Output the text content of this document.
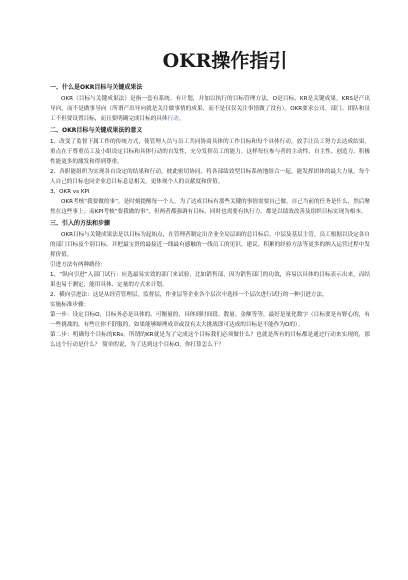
OKR操作指引
一、什么是OKR目标与关键成果法

OKR（目标与关键成果法）是指一套有系统、有计划，并加以执行的目标管理方法，O是目标，KR是关键成果，KRS是产出导向，而不是做事导向（所谓产出导向就是关注做事情的成果，而不是仅仅关注事情做了没有）。OKR要求公司、部门、团队和员工不但要设置目标，而且要明确完成目标的具体行动。

二、OKR目标与关键成果法的意义

1、改变了监督下属工作的传统方式，使管理人员与员工共同协商具体的工作目标和每个具体行动，放手让员工努力去达成结果，重点在于尊重员工及小组设定目标和具体行动的自发性，充分发挥员工的能力。这样每位参与者的主动性、自主性、创造力、积极性能更多的激发和得到尊重。

2、各职能组织为实现各自设定的结果和行动，彼此密切协同，将各部绩效型目标系统地组合一起，能发挥团体的最大力量。每个人自己的目标也同企业总目标息息相关，更体现个人的贡献度和价值。

3、OKR vs KPI

OKR考核“我要做的事”，是时刻提醒每一个人，为了达成目标有那些关键的事情需要自己做，自己当前的任务是什么，然后聚焦在这些事上；而KPI考核“要我做的事”，但两者都强调有目标，同时也需要有执行力，都是以绩效改善及组织目标实现为根本。

三、引入的方法和步骤

OKR目标与关键成果法是以目标为起始点，在管理者制定出企业全局层面的总目标后，中层及基层主管，员工根据以设定各自的部门目标及个别目标，并把最宝贵的最接近一线最有感触的一线员工的见识、建议、积累的经验方法等更多的纳入运营过程中发挥价值。

引进方法有两种路径：

1、“纵向引进”入部门试行：应选最易实效的部门来试验，比如销售部，因为销售部门的功效，容易以具体的目标表示出来，而结果也易于测定，能用具体、定量的方式来计划。

2、横向引进法：这是从经营管理层，监督层，作业层等企业各个层次中选择一个层次进行试行的一种引进方法。

实施标准步骤：

第一步：设定目标O，目标务必是具体的、可衡量的，具体到时间段、数量、金额等等，最好是量化数字（目标要是有野心的，有一些挑战的，有些让你不舒服的，如果能够顺理成章或没有太大挑战即可达成的目标是不能作为O的）。

第二步：明确每个目标的KRs，所谓的KR就是为了完成这个目标我们必须做什么？也就是所有的目标都是通过行动来实现的，那么这个行动是什么？ 简单的说，为了达到这个目标O，你打算怎么干？
